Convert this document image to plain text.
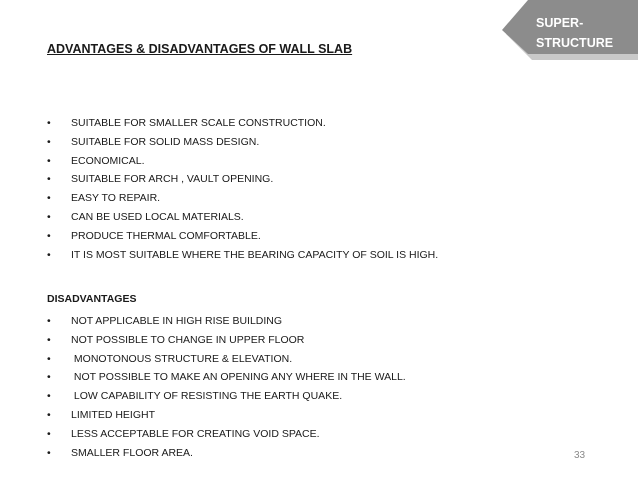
SUPER-
STRUCTURE
ADVANTAGES & DISADVANTAGES OF WALL SLAB
•	SUITABLE FOR SMALLER SCALE CONSTRUCTION.
•	SUITABLE FOR SOLID MASS DESIGN.
•	ECONOMICAL.
•	SUITABLE FOR ARCH , VAULT OPENING.
•	EASY TO REPAIR.
•	CAN BE USED LOCAL MATERIALS.
•	PRODUCE THERMAL COMFORTABLE.
•	IT IS MOST SUITABLE WHERE THE BEARING CAPACITY OF SOIL IS HIGH.
DISADVANTAGES
•	NOT APPLICABLE IN HIGH RISE BUILDING
•	NOT POSSIBLE TO CHANGE IN UPPER FLOOR
•	MONOTONOUS STRUCTURE & ELEVATION.
•	NOT POSSIBLE TO MAKE AN OPENING ANY WHERE IN THE WALL.
•	LOW CAPABILITY OF RESISTING THE EARTH QUAKE.
•	LIMITED HEIGHT
•	LESS ACCEPTABLE FOR CREATING VOID SPACE.
•	SMALLER FLOOR AREA.	33
